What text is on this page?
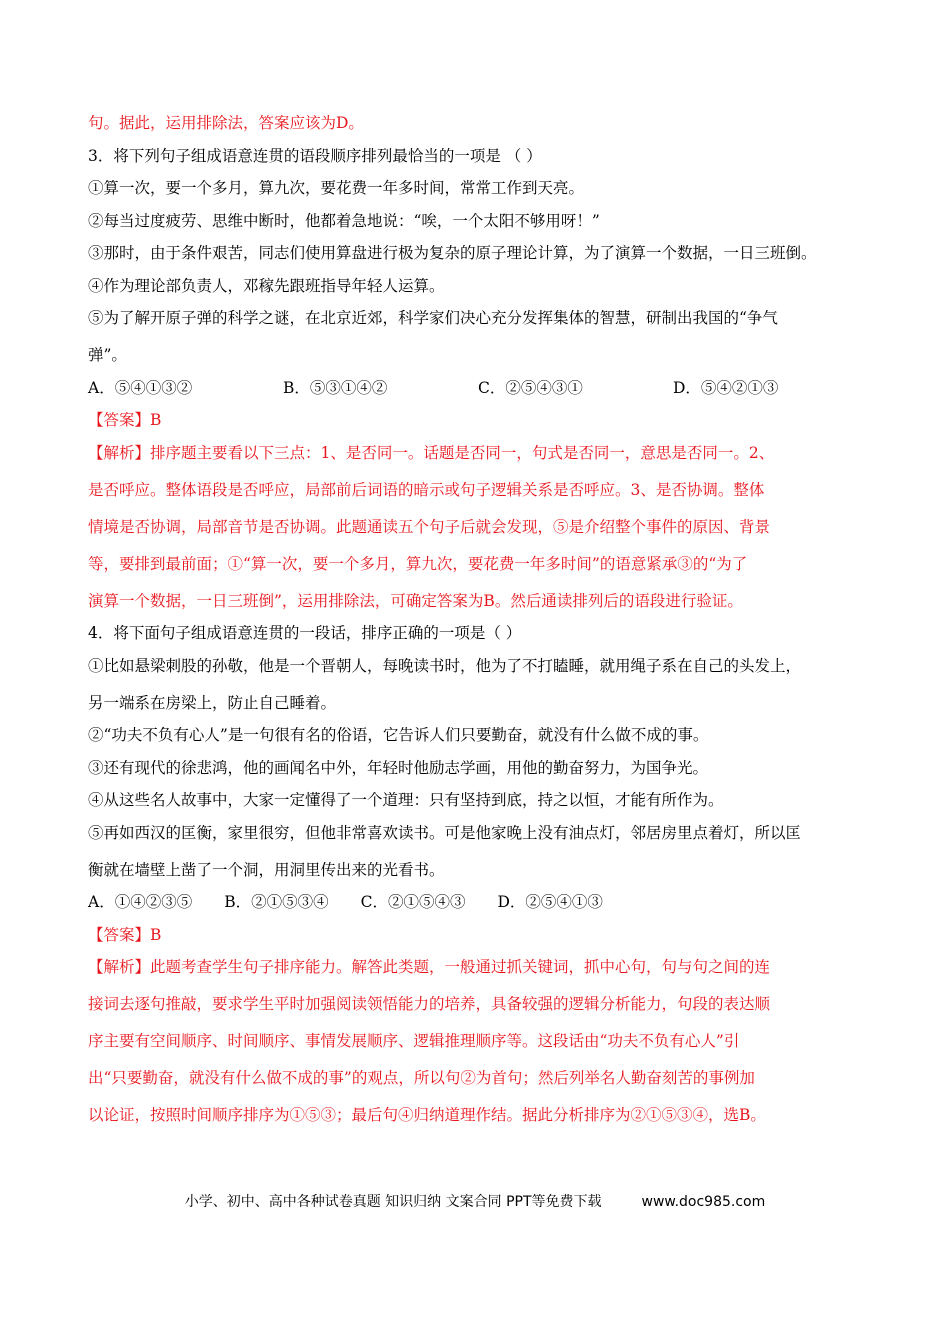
句。据此，运用排除法，答案应该为D。
3．将下列句子组成语意连贯的语段顺序排列最恰当的一项是 （ ）
①算一次，要一个多月，算九次，要花费一年多时间，常常工作到天亮。
②每当过度疲劳、思维中断时，他都着急地说：“唉，一个太阳不够用呀！”
③那时，由于条件艰苦，同志们使用算盘进行极为复杂的原子理论计算，为了演算一个数据，一日三班倒。
④作为理论部负责人，邓稼先跟班指导年轻人运算。
⑤为了解开原子弹的科学之谜，在北京近郊，科学家们决心充分发挥集体的智慧，研制出我国的“争气
弹”。
A．⑤④①③②	B．⑤③①④②	C．②⑤④③①	D．⑤④②①③
【答案】B
【解析】排序题主要看以下三点：1、是否同一。话题是否同一，句式是否同一，意思是否同一。2、
是否呼应。整体语段是否呼应，局部前后词语的暗示或句子逻辑关系是否呼应。3、是否协调。整体
情境是否协调，局部音节是否协调。此题通读五个句子后就会发现，⑤是介绍整个事件的原因、背景
等，要排到最前面；①“算一次，要一个多月，算九次，要花费一年多时间”的语意紧承③的“为了
演算一个数据，一日三班倒”，运用排除法，可确定答案为B。然后通读排列后的语段进行验证。
4．将下面句子组成语意连贯的一段话，排序正确的一项是（ ）
①比如悬梁刺股的孙敬，他是一个晋朝人，每晚读书时，他为了不打瞌睡，就用绳子系在自己的头发上，
另一端系在房梁上，防止自己睡着。
②“功夫不负有心人”是一句很有名的俗语，它告诉人们只要勤奋，就没有什么做不成的事。
③还有现代的徐悲鸿，他的画闻名中外，年轻时他励志学画，用他的勤奋努力，为国争光。
④从这些名人故事中，大家一定懂得了一个道理：只有坚持到底，持之以恒，才能有所作为。
⑤再如西汉的匡衡，家里很穷，但他非常喜欢读书。可是他家晚上没有油点灯，邻居房里点着灯，所以匡
衡就在墙壁上凿了一个洞，用洞里传出来的光看书。
A．①④②③⑤ B．②①⑤③④ C．②①⑤④③ D．②⑤④①③
【答案】B
【解析】此题考查学生句子排序能力。解答此类题，一般通过抓关键词，抓中心句，句与句之间的连
接词去逐句推敲，要求学生平时加强阅读领悟能力的培养，具备较强的逻辑分析能力，句段的表达顺
序主要有空间顺序、时间顺序、事情发展顺序、逻辑推理顺序等。这段话由“功夫不负有心人”引
出“只要勤奋，就没有什么做不成的事”的观点，所以句②为首句；然后列举名人勤奋刻苦的事例加
以论证，按照时间顺序排序为①⑤③；最后句④归纳道理作结。据此分析排序为②①⑤③④，选B。
小学、初中、高中各种试卷真题 知识归纳 文案合同 PPT等免费下载	www.doc985.com
